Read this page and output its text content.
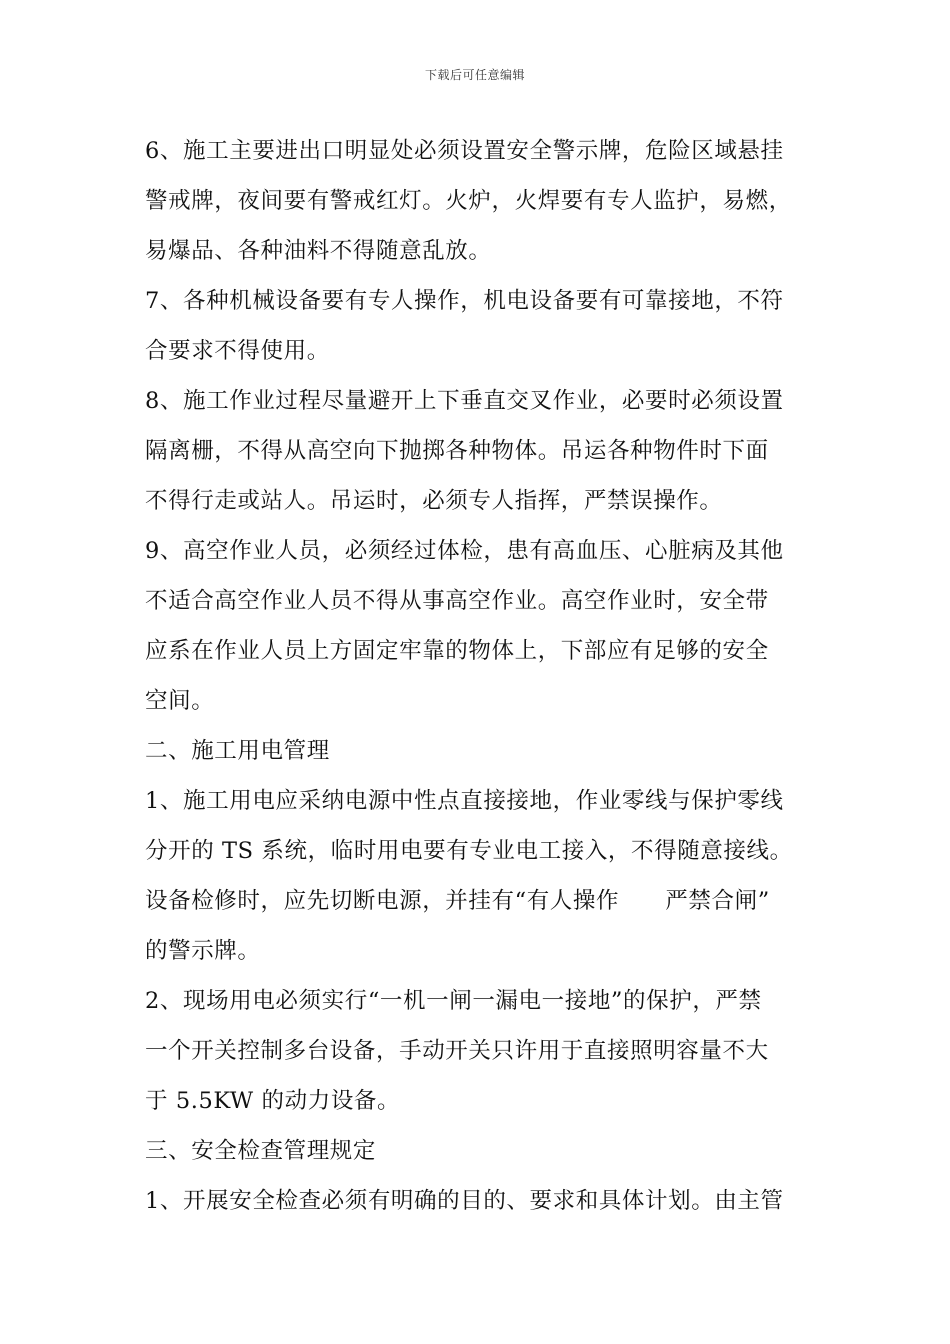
下载后可任意编辑
6、施工主要进出口明显处必须设置安全警示牌，危险区域悬挂
警戒牌，夜间要有警戒红灯。火炉，火焊要有专人监护，易燃，
易爆品、各种油料不得随意乱放。
7、各种机械设备要有专人操作，机电设备要有可靠接地，不符
合要求不得使用。
8、施工作业过程尽量避开上下垂直交叉作业，必要时必须设置
隔离栅，不得从高空向下抛掷各种物体。吊运各种物件时下面
不得行走或站人。吊运时，必须专人指挥，严禁误操作。
9、高空作业人员，必须经过体检，患有高血压、心脏病及其他
不适合高空作业人员不得从事高空作业。高空作业时，安全带
应系在作业人员上方固定牢靠的物体上，下部应有足够的安全
空间。
二、施工用电管理
1、施工用电应采纳电源中性点直接接地，作业零线与保护零线
分开的 TS 系统，临时用电要有专业电工接入，不得随意接线。
设备检修时，应先切断电源，并挂有“有人操作　　严禁合闸”
的警示牌。
2、现场用电必须实行“一机一闸一漏电一接地”的保护，严禁
一个开关控制多台设备，手动开关只许用于直接照明容量不大
于 5.5KW 的动力设备。
三、安全检查管理规定
1、开展安全检查必须有明确的目的、要求和具体计划。由主管
